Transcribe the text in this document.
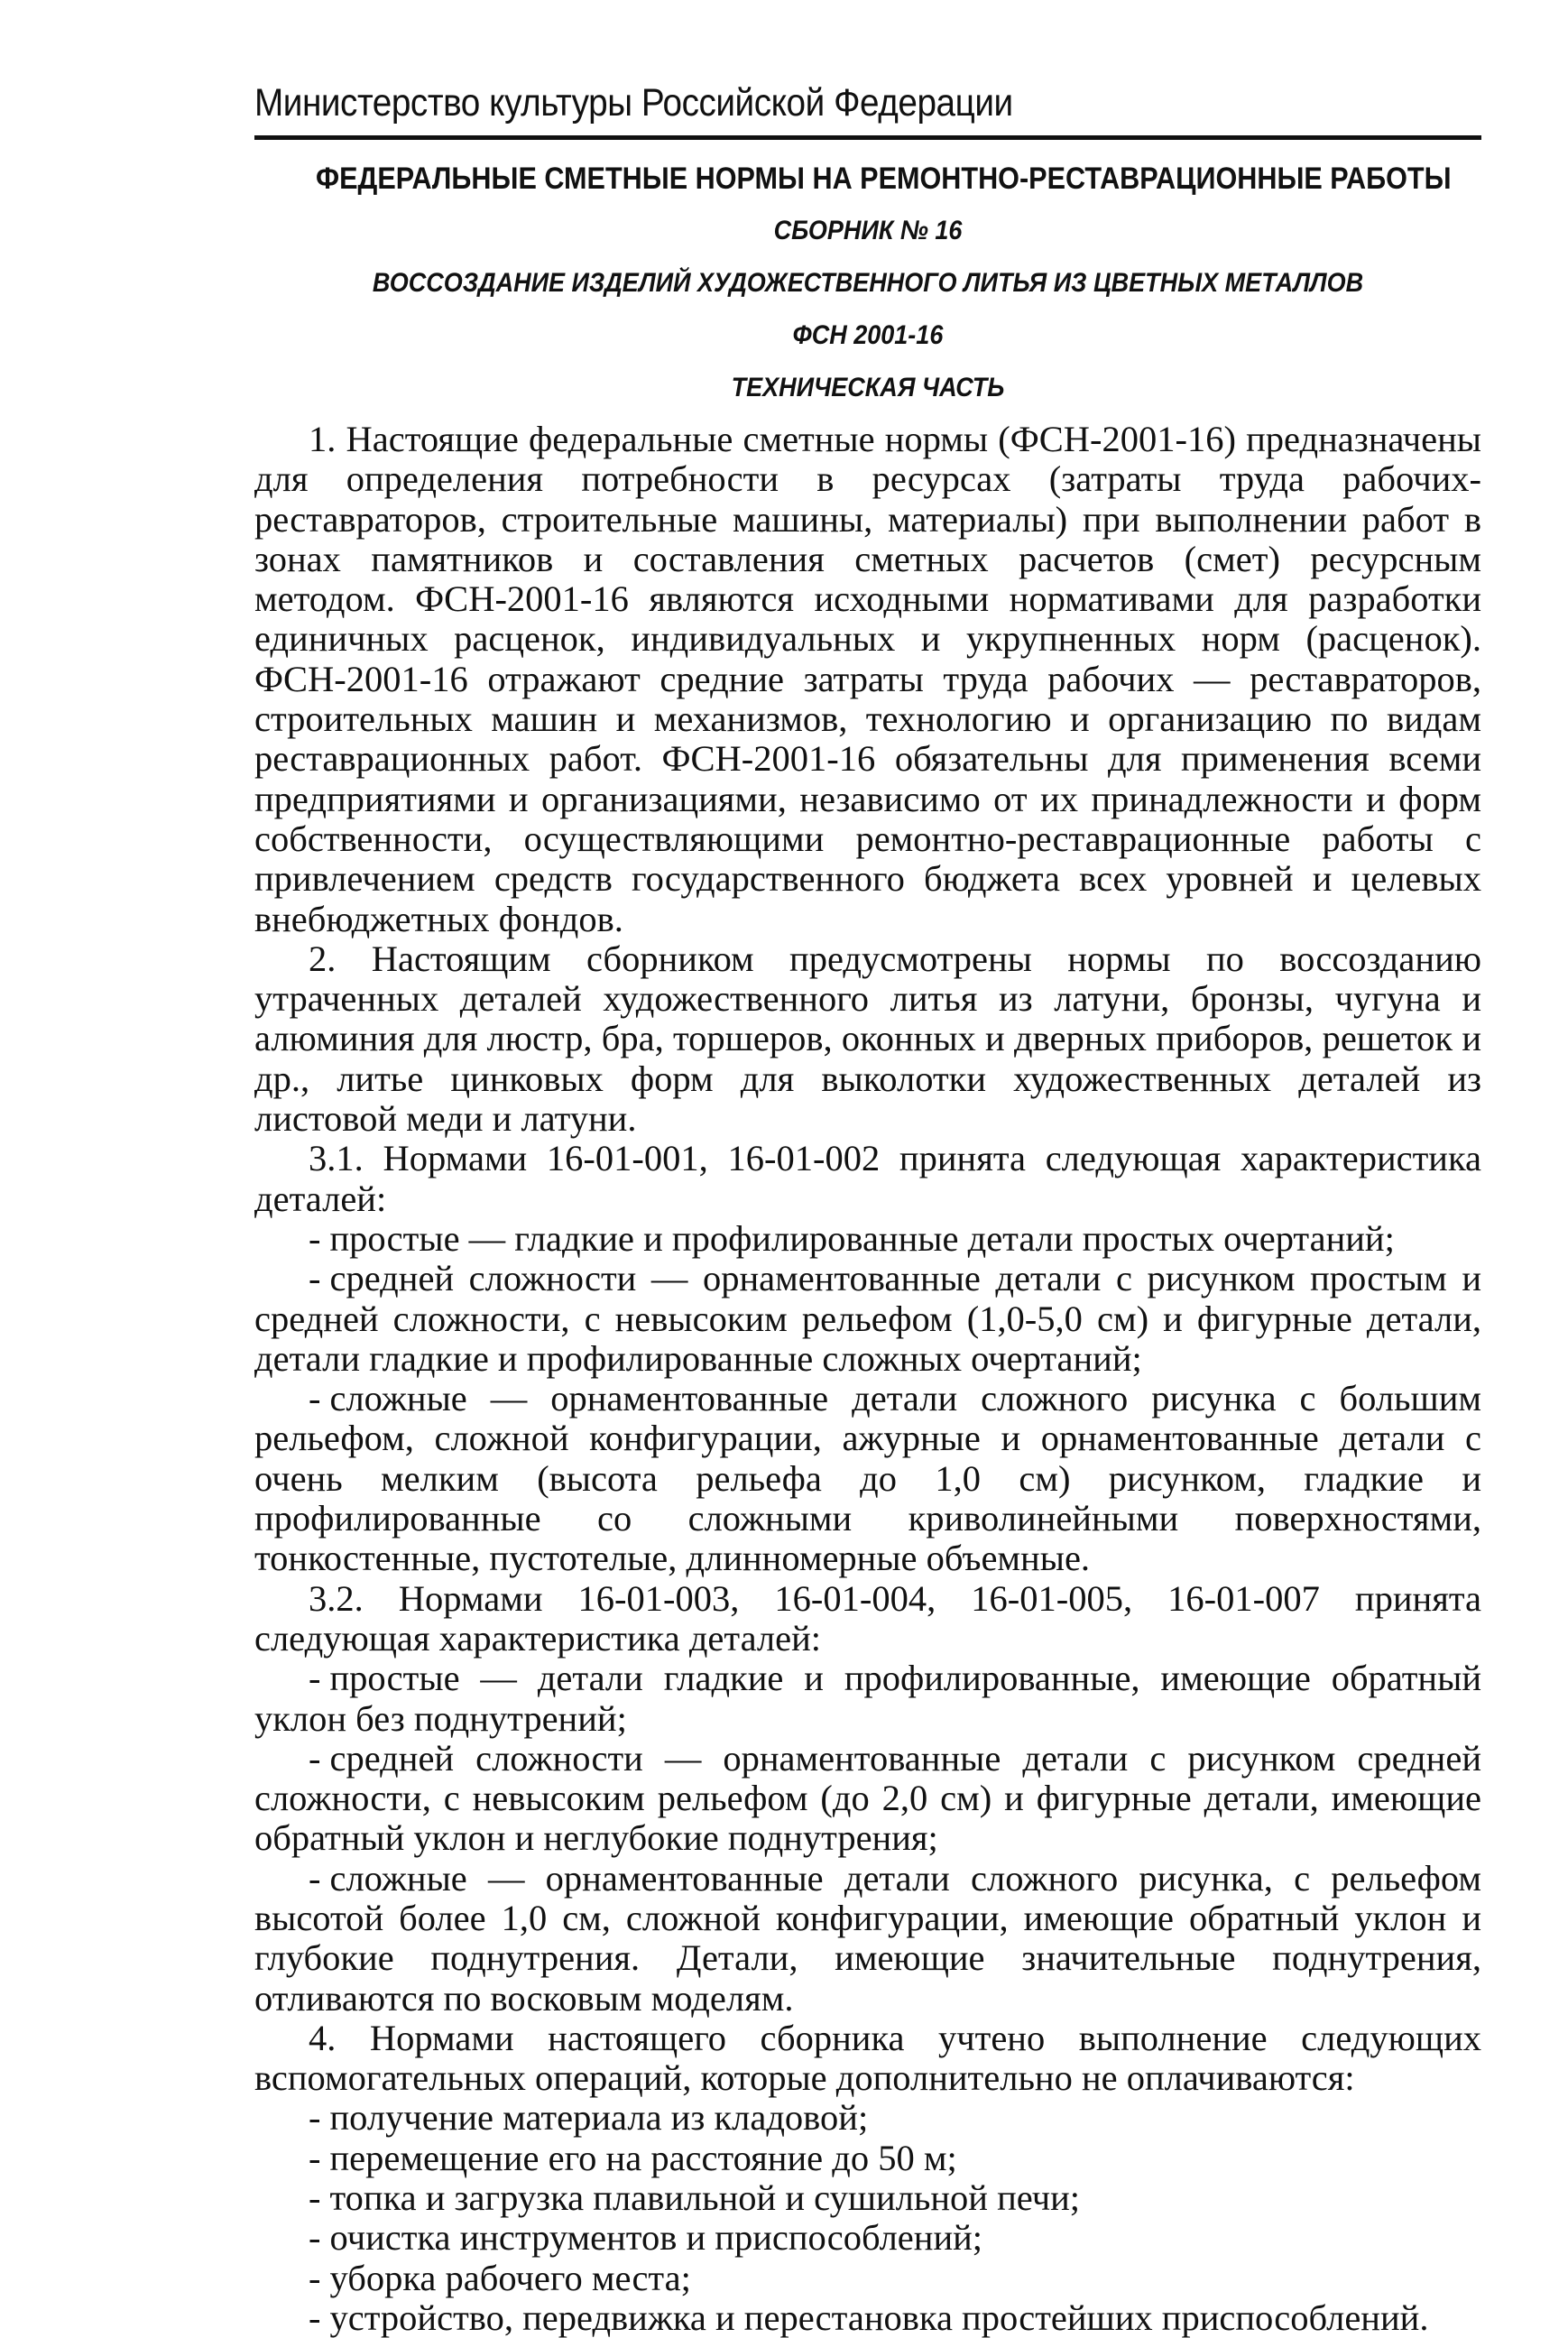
Министерство культуры Российской Федерации

ФЕДЕРАЛЬНЫЕ СМЕТНЫЕ НОРМЫ НА РЕМОНТНО-РЕСТАВРАЦИОННЫЕ РАБОТЫ

СБОРНИК № 16

ВОССОЗДАНИЕ ИЗДЕЛИЙ ХУДОЖЕСТВЕННОГО ЛИТЬЯ ИЗ ЦВЕТНЫХ МЕТАЛЛОВ

ФСН 2001-16

ТЕХНИЧЕСКАЯ ЧАСТЬ

1. Настоящие федеральные сметные нормы (ФСН-2001-16) предназначены для определения потребности в ресурсах (затраты труда рабочих-реставраторов, строительные машины, материалы) при выполнении работ в зонах памятников и составления сметных расчетов (смет) ресурсным методом. ФСН-2001-16 являются исходными нормативами для разработки единичных расценок, индивидуальных и укрупненных норм (расценок). ФСН-2001-16 отражают средние затраты труда рабочих — реставраторов, строительных машин и механизмов, технологию и организацию по видам реставрационных работ. ФСН-2001-16 обязательны для применения всеми предприятиями и организациями, независимо от их принадлежности и форм собственности, осуществляющими ремонтно-реставрационные работы с привлечением средств государственного бюджета всех уровней и целевых внебюджетных фондов.

2. Настоящим сборником предусмотрены нормы по воссозданию утраченных деталей художественного литья из латуни, бронзы, чугуна и алюминия для люстр, бра, торшеров, оконных и дверных приборов, решеток и др., литье цинковых форм для выколотки художественных деталей из листовой меди и латуни.

3.1. Нормами 16-01-001, 16-01-002 принята следующая характеристика деталей:

- простые — гладкие и профилированные детали простых очертаний;

- средней сложности — орнаментованные детали с рисунком простым и средней сложности, с невысоким рельефом (1,0-5,0 см) и фигурные детали, детали гладкие и профилированные сложных очертаний;

- сложные — орнаментованные детали сложного рисунка с большим рельефом, сложной конфигурации, ажурные и орнаментованные детали с очень мелким (высота рельефа до 1,0 см) рисунком, гладкие и профилированные со сложными криволинейными поверхностями, тонкостенные, пустотелые, длинномерные объемные.

3.2. Нормами 16-01-003, 16-01-004, 16-01-005, 16-01-007 принята следующая характеристика деталей:

- простые — детали гладкие и профилированные, имеющие обратный уклон без поднутрений;

- средней сложности — орнаментованные детали с рисунком средней сложности, с невысоким рельефом (до 2,0 см) и фигурные детали, имеющие обратный уклон и неглубокие поднутрения;

- сложные — орнаментованные детали сложного рисунка, с рельефом высотой более 1,0 см, сложной конфигурации, имеющие обратный уклон и глубокие поднутрения. Детали, имеющие значительные поднутрения, отливаются по восковым моделям.

4. Нормами настоящего сборника учтено выполнение следующих вспомогательных операций, которые дополнительно не оплачиваются:

- получение материала из кладовой;

- перемещение его на расстояние до 50 м;

- топка и загрузка плавильной и сушильной печи;

- очистка инструментов и приспособлений;

- уборка рабочего места;

- устройство, передвижка и перестановка простейших приспособлений.
